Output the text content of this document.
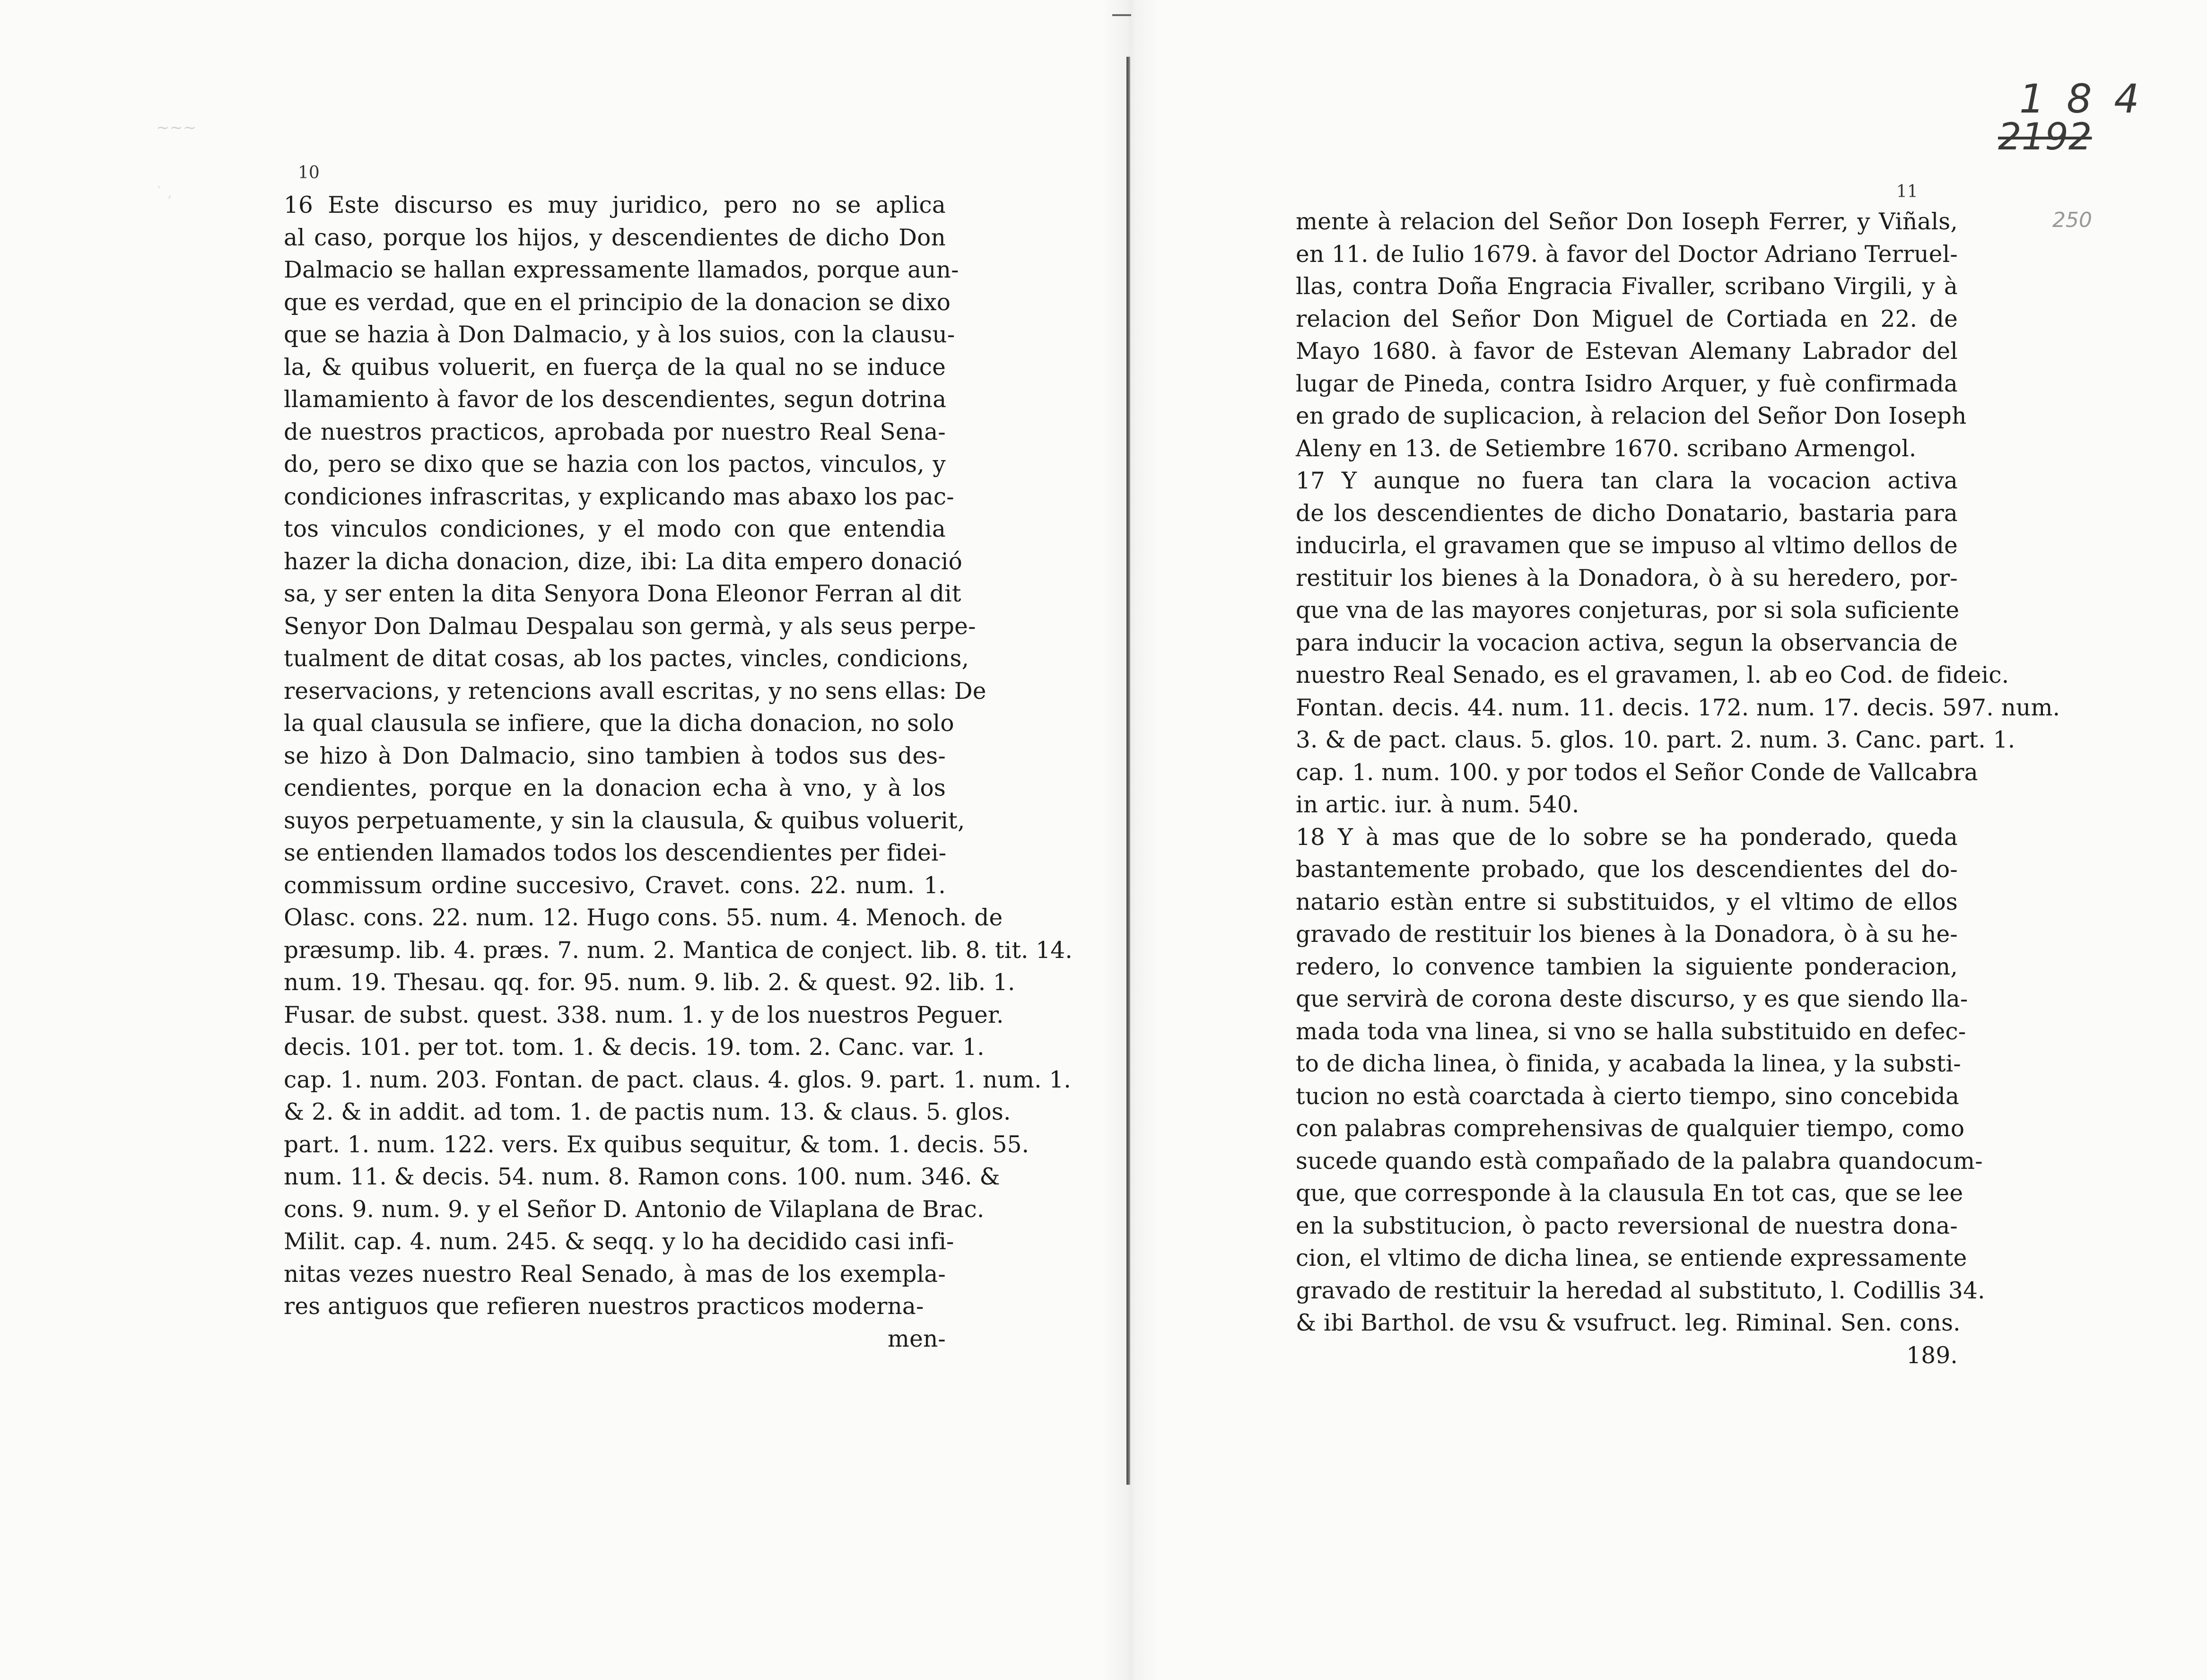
~~~
` ,
1 8 4
2192
250
10
11
16 Este discurso es muy juridico, pero no se aplica
al caso, porque los hijos, y descendientes de dicho Don
Dalmacio se hallan expressamente llamados, porque aun-
que es verdad, que en el principio de la donacion se dixo
que se hazia à Don Dalmacio, y à los suios, con la clausu-
la, & quibus voluerit, en fuerça de la qual no se induce
llamamiento à favor de los descendientes, segun dotrina
de nuestros practicos, aprobada por nuestro Real Sena-
do, pero se dixo que se hazia con los pactos, vinculos, y
condiciones infrascritas, y explicando mas abaxo los pac-
tos vinculos condiciones, y el modo con que entendia
hazer la dicha donacion, dize, ibi: La dita empero donació
sa, y ser enten la dita Senyora Dona Eleonor Ferran al dit
Senyor Don Dalmau Despalau son germà, y als seus perpe-
tualment de ditat cosas, ab los pactes, vincles, condicions,
reservacions, y retencions avall escritas, y no sens ellas: De
la qual clausula se infiere, que la dicha donacion, no solo
se hizo à Don Dalmacio, sino tambien à todos sus des-
cendientes, porque en la donacion echa à vno, y à los
suyos perpetuamente, y sin la clausula, & quibus voluerit,
se entienden llamados todos los descendientes per fidei-
commissum ordine succesivo, Cravet. cons. 22. num. 1.
Olasc. cons. 22. num. 12. Hugo cons. 55. num. 4. Menoch. de
præsump. lib. 4. præs. 7. num. 2. Mantica de conject. lib. 8. tit. 14.
num. 19. Thesau. qq. for. 95. num. 9. lib. 2. & quest. 92. lib. 1.
Fusar. de subst. quest. 338. num. 1. y de los nuestros Peguer.
decis. 101. per tot. tom. 1. & decis. 19. tom. 2. Canc. var. 1.
cap. 1. num. 203. Fontan. de pact. claus. 4. glos. 9. part. 1. num. 1.
& 2. & in addit. ad tom. 1. de pactis num. 13. & claus. 5. glos.
part. 1. num. 122. vers. Ex quibus sequitur, & tom. 1. decis. 55.
num. 11. & decis. 54. num. 8. Ramon cons. 100. num. 346. &
cons. 9. num. 9. y el Señor D. Antonio de Vilaplana de Brac.
Milit. cap. 4. num. 245. & seqq. y lo ha decidido casi infi-
nitas vezes nuestro Real Senado, à mas de los exempla-
res antiguos que refieren nuestros practicos moderna-
men-
mente à relacion del Señor Don Ioseph Ferrer, y Viñals,
en 11. de Iulio 1679. à favor del Doctor Adriano Terruel-
llas, contra Doña Engracia Fivaller, scribano Virgili, y à
relacion del Señor Don Miguel de Cortiada en 22. de
Mayo 1680. à favor de Estevan Alemany Labrador del
lugar de Pineda, contra Isidro Arquer, y fuè confirmada
en grado de suplicacion, à relacion del Señor Don Ioseph
Aleny en 13. de Setiembre 1670. scribano Armengol.
17 Y aunque no fuera tan clara la vocacion activa
de los descendientes de dicho Donatario, bastaria para
inducirla, el gravamen que se impuso al vltimo dellos de
restituir los bienes à la Donadora, ò à su heredero, por-
que vna de las mayores conjeturas, por si sola suficiente
para inducir la vocacion activa, segun la observancia de
nuestro Real Senado, es el gravamen, l. ab eo Cod. de fideic.
Fontan. decis. 44. num. 11. decis. 172. num. 17. decis. 597. num.
3. & de pact. claus. 5. glos. 10. part. 2. num. 3. Canc. part. 1.
cap. 1. num. 100. y por todos el Señor Conde de Vallcabra
in artic. iur. à num. 540.
18 Y à mas que de lo sobre se ha ponderado, queda
bastantemente probado, que los descendientes del do-
natario estàn entre si substituidos, y el vltimo de ellos
gravado de restituir los bienes à la Donadora, ò à su he-
redero, lo convence tambien la siguiente ponderacion,
que servirà de corona deste discurso, y es que siendo lla-
mada toda vna linea, si vno se halla substituido en defec-
to de dicha linea, ò finida, y acabada la linea, y la substi-
tucion no està coarctada à cierto tiempo, sino concebida
con palabras comprehensivas de qualquier tiempo, como
sucede quando està compañado de la palabra quandocum-
que, que corresponde à la clausula En tot cas, que se lee
en la substitucion, ò pacto reversional de nuestra dona-
cion, el vltimo de dicha linea, se entiende expressamente
gravado de restituir la heredad al substituto, l. Codillis 34.
& ibi Barthol. de vsu & vsufruct. leg. Riminal. Sen. cons.
189.
